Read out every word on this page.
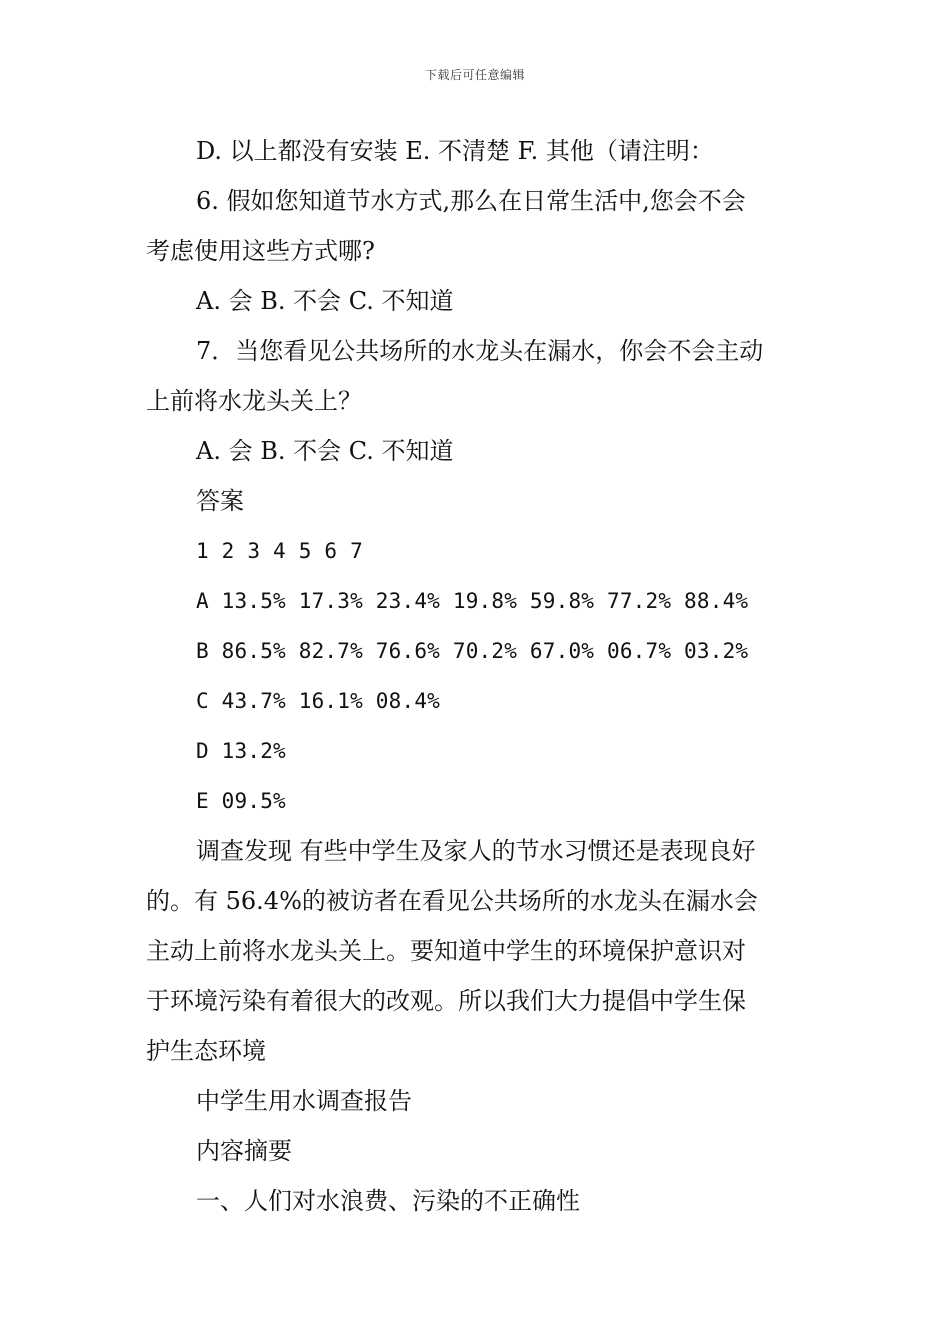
下载后可任意编辑
D. 以上都没有安装 E. 不清楚 F. 其他（请注明：
6. 假如您知道节水方式,那么在日常生活中,您会不会
考虑使用这些方式哪?
A. 会 B. 不会 C. 不知道
7．当您看见公共场所的水龙头在漏水，你会不会主动
上前将水龙头关上？
A. 会 B. 不会 C. 不知道
答案
1 2 3 4 5 6 7
A 13.5% 17.3% 23.4% 19.8% 59.8% 77.2% 88.4%
B 86.5% 82.7% 76.6% 70.2% 67.0% 06.7% 03.2%
C 43.7% 16.1% 08.4%
D 13.2%
E 09.5%
调查发现 有些中学生及家人的节水习惯还是表现良好
的。有 56.4%的被访者在看见公共场所的水龙头在漏水会
主动上前将水龙头关上。要知道中学生的环境保护意识对
于环境污染有着很大的改观。所以我们大力提倡中学生保
护生态环境
中学生用水调查报告
内容摘要
一、人们对水浪费、污染的不正确性
